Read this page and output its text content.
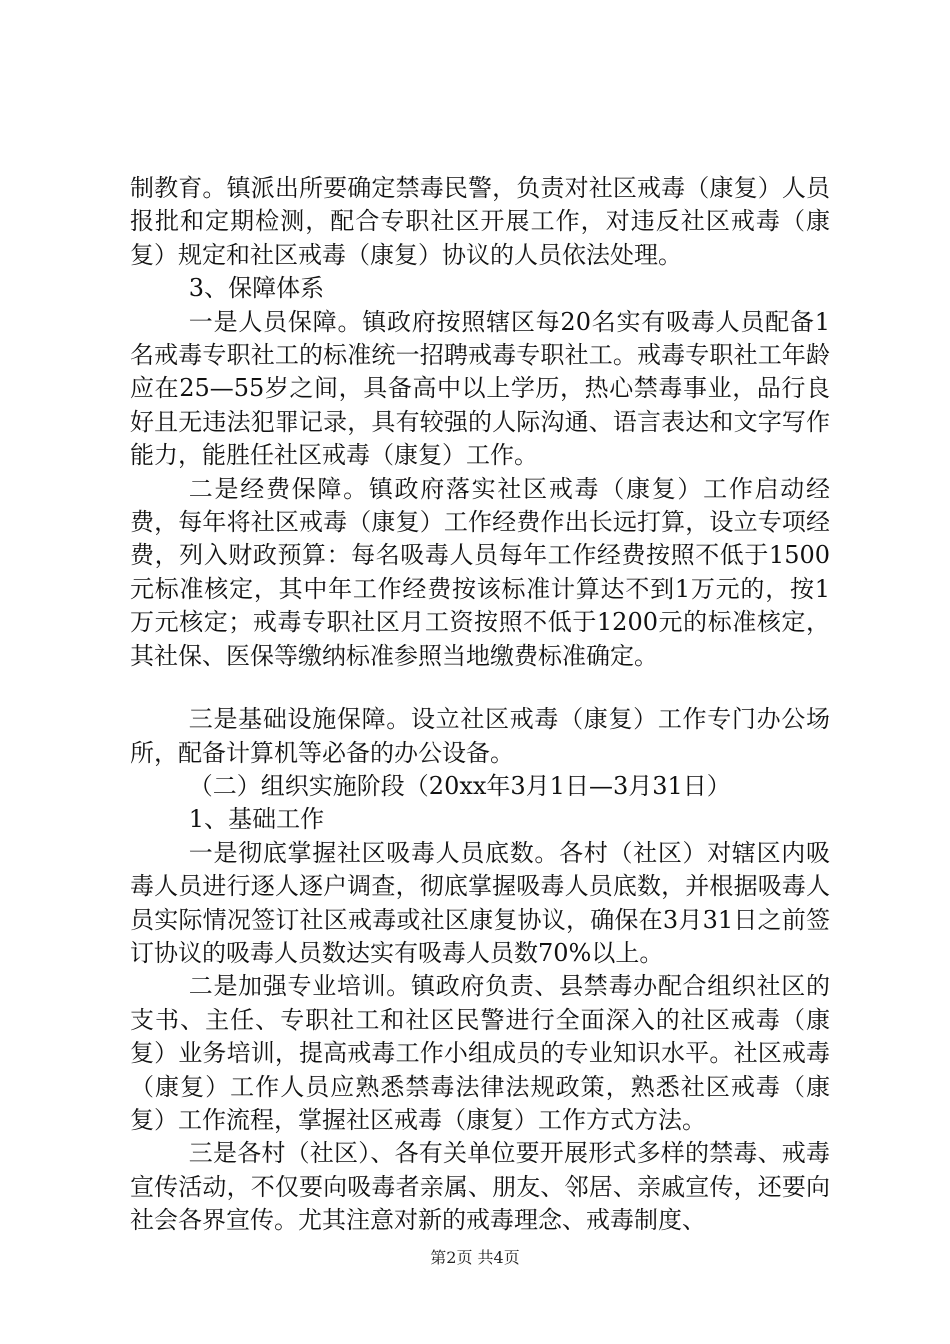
制教育。镇派出所要确定禁毒民警，负责对社区戒毒（康复）人员报批和定期检测，配合专职社区开展工作，对违反社区戒毒（康复）规定和社区戒毒（康复）协议的人员依法处理。

3、保障体系

一是人员保障。镇政府按照辖区每20名实有吸毒人员配备1名戒毒专职社工的标准统一招聘戒毒专职社工。戒毒专职社工年龄应在25—55岁之间，具备高中以上学历，热心禁毒事业，品行良好且无违法犯罪记录，具有较强的人际沟通、语言表达和文字写作能力，能胜任社区戒毒（康复）工作。

二是经费保障。镇政府落实社区戒毒（康复）工作启动经费，每年将社区戒毒（康复）工作经费作出长远打算，设立专项经费，列入财政预算：每名吸毒人员每年工作经费按照不低于1500元标准核定，其中年工作经费按该标准计算达不到1万元的，按1万元核定；戒毒专职社区月工资按照不低于1200元的标准核定，其社保、医保等缴纳标准参照当地缴费标准确定。

三是基础设施保障。设立社区戒毒（康复）工作专门办公场所，配备计算机等必备的办公设备。

（二）组织实施阶段（20xx年3月1日—3月31日）

1、基础工作

一是彻底掌握社区吸毒人员底数。各村（社区）对辖区内吸毒人员进行逐人逐户调查，彻底掌握吸毒人员底数，并根据吸毒人员实际情况签订社区戒毒或社区康复协议，确保在3月31日之前签订协议的吸毒人员数达实有吸毒人员数70%以上。

二是加强专业培训。镇政府负责、县禁毒办配合组织社区的支书、主任、专职社工和社区民警进行全面深入的社区戒毒（康复）业务培训，提高戒毒工作小组成员的专业知识水平。社区戒毒（康复）工作人员应熟悉禁毒法律法规政策，熟悉社区戒毒（康复）工作流程，掌握社区戒毒（康复）工作方式方法。

三是各村（社区）、各有关单位要开展形式多样的禁毒、戒毒宣传活动，不仅要向吸毒者亲属、朋友、邻居、亲戚宣传，还要向社会各界宣传。尤其注意对新的戒毒理念、戒毒制度、

第2页 共4页
